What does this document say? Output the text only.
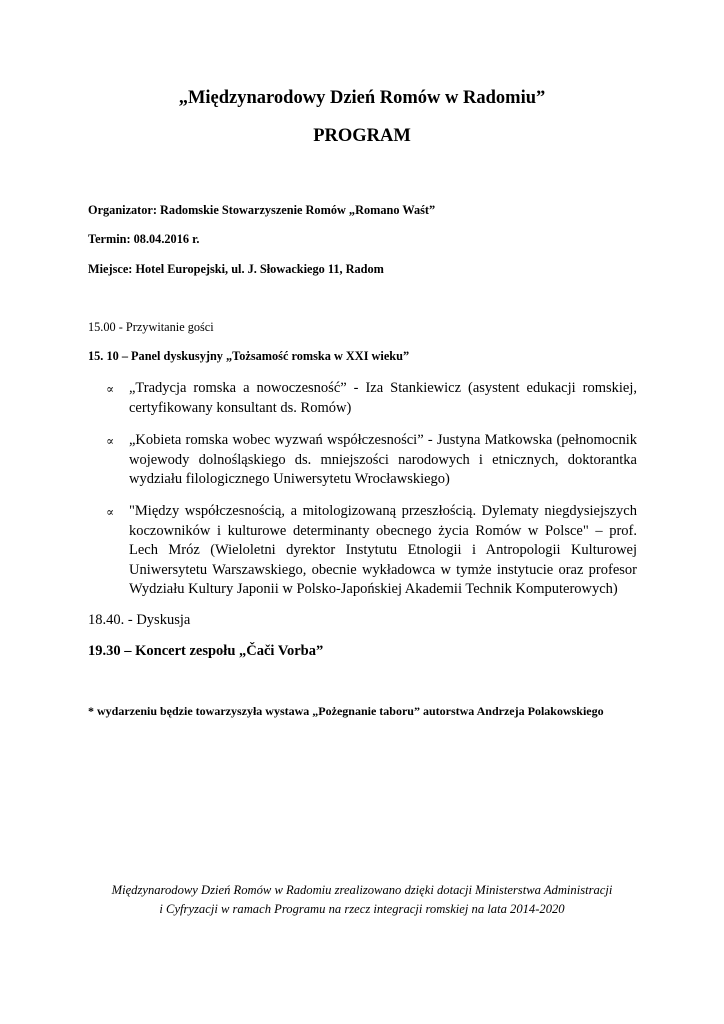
„Międzynarodowy Dzień Romów w Radomiu”
PROGRAM
Organizator: Radomskie Stowarzyszenie Romów „Romano Waśt”
Termin: 08.04.2016 r.
Miejsce: Hotel Europejski, ul. J. Słowackiego 11, Radom
15.00 - Przywitanie gości
15. 10 – Panel dyskusyjny „Tożsamość romska w XXI wieku”
∝ „Tradycja romska a nowoczesność” - Iza Stankiewicz (asystent edukacji romskiej, certyfikowany konsultant ds. Romów)
∝ „Kobieta romska wobec wyzwań współczesności” - Justyna Matkowska (pełnomocnik wojewody dolnośląskiego ds. mniejszości narodowych i etnicznych, doktorantka wydziału filologicznego Uniwersytetu Wrocławskiego)
∝ "Między współczesnością, a mitologizowaną przeszłością. Dylematy niegdysiejszych koczowników i kulturowe determinanty obecnego życia Romów w Polsce" – prof. Lech Mróz (Wieloletni dyrektor Instytutu Etnologii i Antropologii Kulturowej Uniwersytetu Warszawskiego, obecnie wykładowca w tymże instytucie oraz profesor Wydziału Kultury Japonii w Polsko-Japońskiej Akademii Technik Komputerowych)
18.40. - Dyskusja
19.30 – Koncert zespołu „Čači Vorba”
* wydarzeniu będzie towarzyszyła wystawa „Pożegnanie taboru” autorstwa Andrzeja Polakowskiego
Międzynarodowy Dzień Romów w Radomiu zrealizowano dzięki dotacji Ministerstwa Administracji
i Cyfryzacji w ramach Programu na rzecz integracji romskiej na lata 2014-2020
